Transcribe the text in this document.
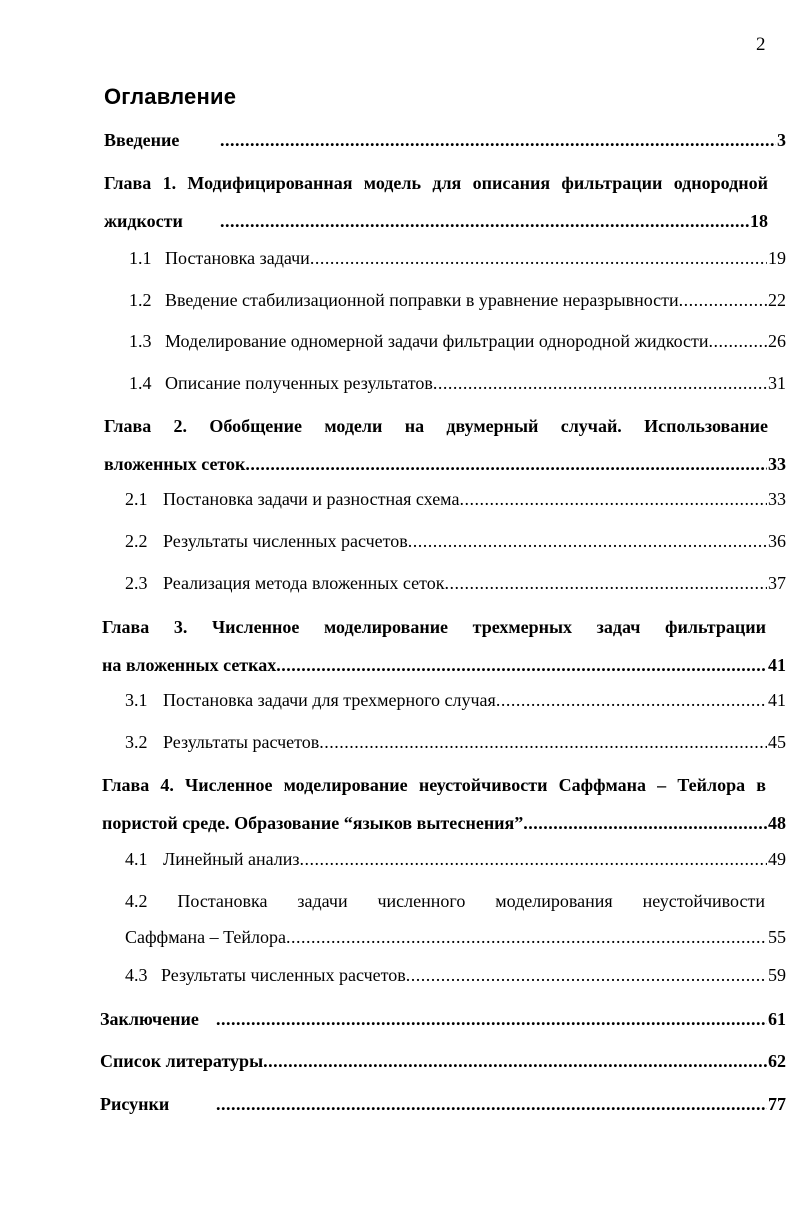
2
Оглавление
Введение .....	3
Глава 1. Модифицированная модель для описания фильтрации однородной
жидкости .....	18
1.1 Постановка задачи .....	19
1.2 Введение стабилизационной поправки в уравнение неразрывности .....	22
1.3 Моделирование одномерной задачи фильтрации однородной жидкости .....	26
1.4 Описание полученных результатов .....	31
Глава 2. Обобщение модели на двумерный случай. Использование
вложенных сеток .....	33
2.1 Постановка задачи и разностная схема .....	33
2.2 Результаты численных расчетов .....	36
2.3 Реализация метода вложенных сеток .....	37
Глава 3. Численное моделирование трехмерных задач фильтрации
на вложенных сетках .....	41
3.1 Постановка задачи для трехмерного случая .....	41
3.2 Результаты расчетов .....	45
Глава 4. Численное моделирование неустойчивости Саффмана – Тейлора в
пористой среде. Образование “языков вытеснения” .....	48
4.1 Линейный анализ .....	49
4.2 Постановка задачи численного моделирования неустойчивости
Саффмана – Тейлора .....	55
4.3 Результаты численных расчетов .....	59
Заключение .....	61
Список литературы .....	62
Рисунки .....	77
